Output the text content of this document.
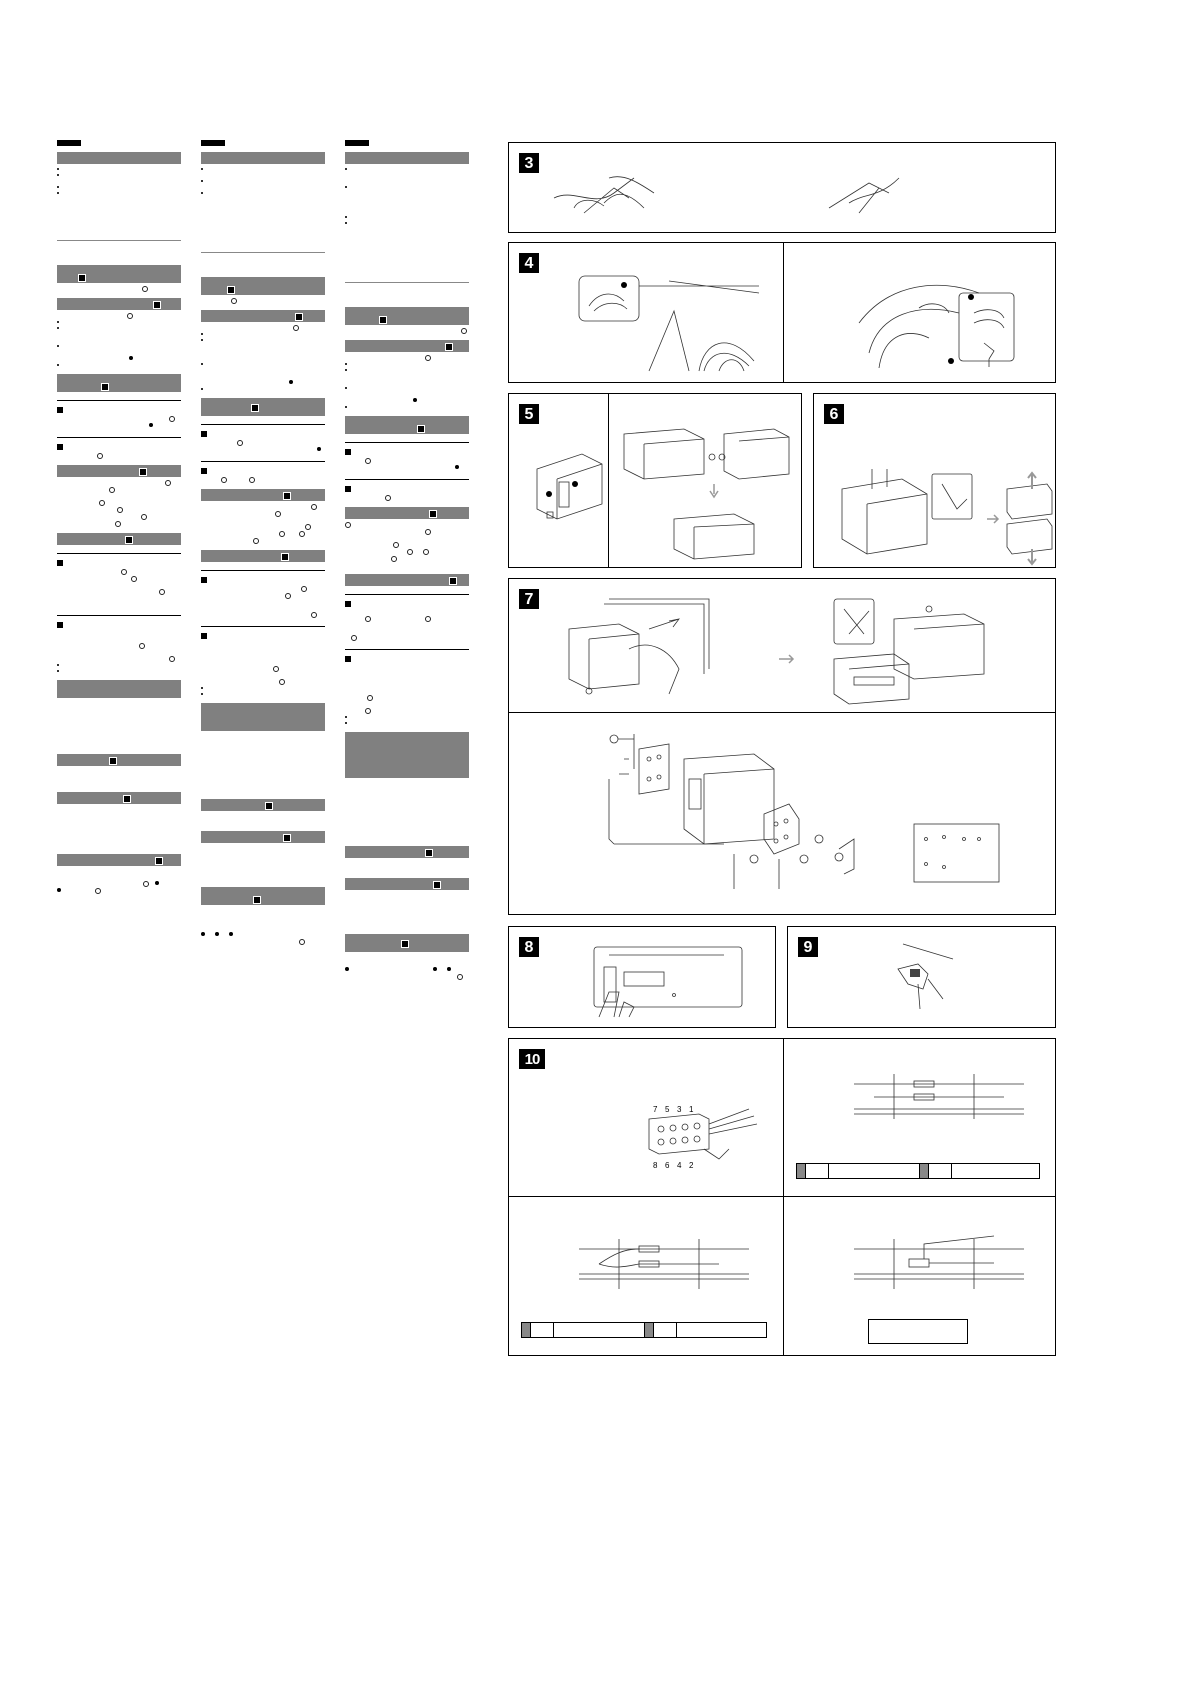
3
4
5	6
7
8	9
10
7 5 3 1
8 6 4 2
